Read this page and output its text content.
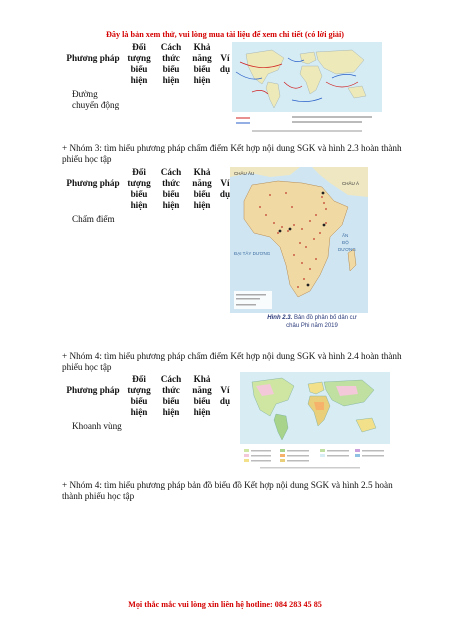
Đây là bản xem thử, vui lòng mua tài liệu để xem chi tiết (có lời giải)
Phương pháp	Đối tượng biểu hiện	Cách thức biểu hiện	Khả năng biểu hiện	Ví dụ
Đường chuyển động				
+ Nhóm 3: tìm hiểu phương pháp chấm điểm Kết hợp nội dung SGK và hình 2.3 hoàn thành phiếu học tập
Phương pháp	Đối tượng biểu hiện	Cách thức biểu hiện	Khả năng biểu hiện	Ví dụ
Chấm điểm				
CHÂU ÂU
CHÂU Á
ĐẠI TÂY DƯƠNG
ẤN
ĐỘ
DƯƠNG
Hình 2.3. Bản đồ phân bố dân cư châu Phi năm 2019
+ Nhóm 4: tìm hiểu phương pháp chấm điểm Kết hợp nội dung SGK và hình 2.4 hoàn thành phiếu học tập
Phương pháp	Đối tượng biểu hiện	Cách thức biểu hiện	Khả năng biểu hiện	Ví dụ
Khoanh vùng				
+ Nhóm 4: tìm hiểu phương pháp bản đồ biểu đồ Kết hợp nội dung SGK và hình 2.5 hoàn thành phiếu học tập
Mọi thắc mắc vui lòng xin liên hệ hotline: 084 283 45 85
